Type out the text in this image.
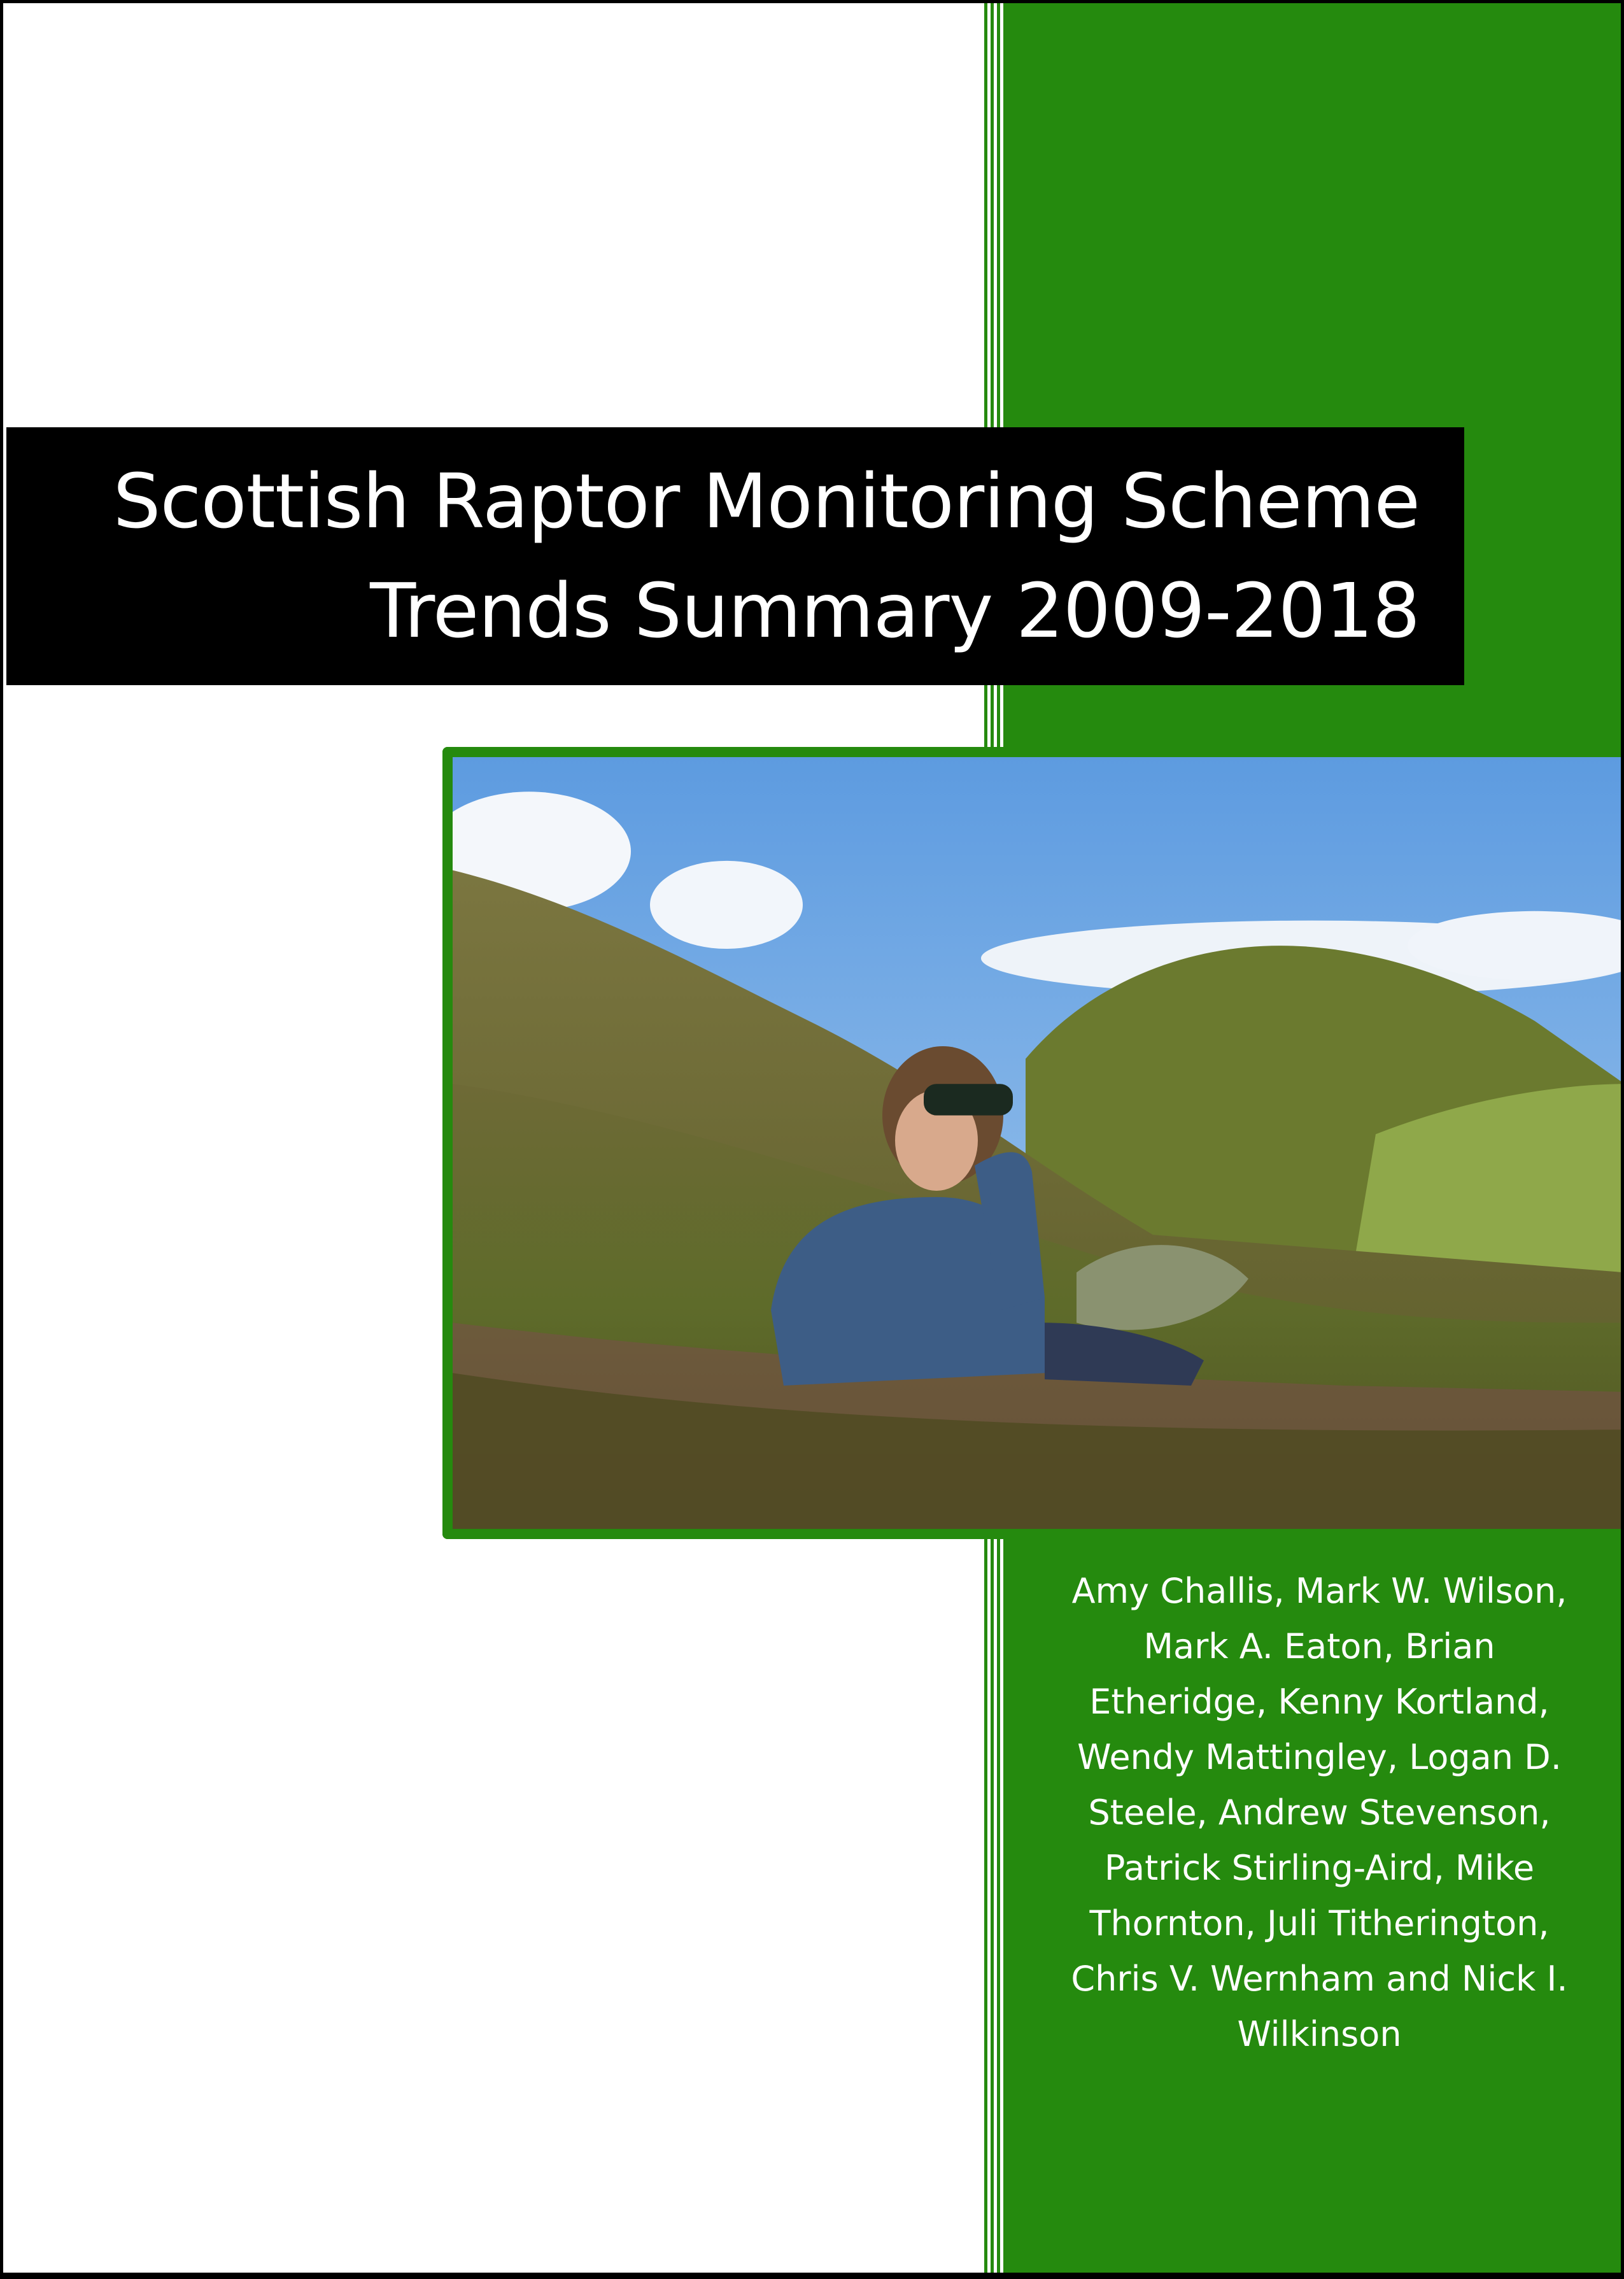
Scottish Raptor Monitoring Scheme
Trends Summary 2009-2018
Amy Challis, Mark W. Wilson,
Mark A. Eaton, Brian
Etheridge, Kenny Kortland,
Wendy Mattingley, Logan D.
Steele, Andrew Stevenson,
Patrick Stirling-Aird, Mike
Thornton, Juli Titherington,
Chris V. Wernham and Nick I.
Wilkinson
